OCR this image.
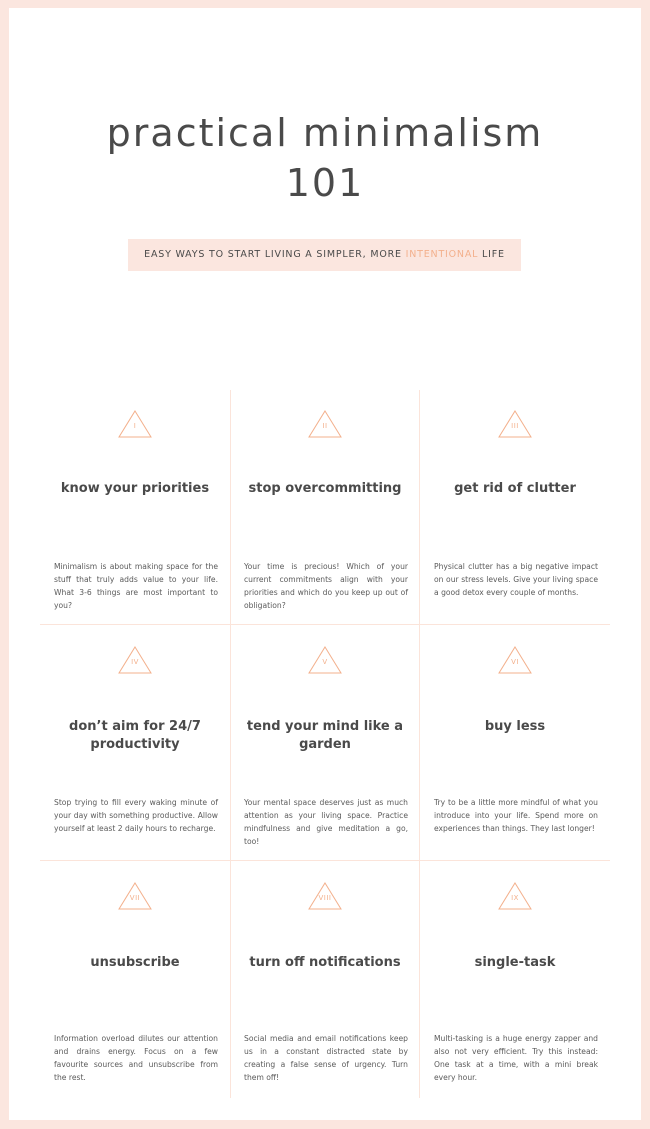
practical minimalism
101
EASY WAYS TO START LIVING A SIMPLER, MORE INTENTIONAL LIFE
I
know your priorities
Minimalism is about making space for the stuff that truly adds value to your life. What 3-6 things are most important to you?
II
stop overcommitting
Your time is precious! Which of your current commitments align with your priorities and which do you keep up out of obligation?
III
get rid of clutter
Physical clutter has a big negative impact on our stress levels. Give your living space a good detox every couple of months.
IV
don’t aim for 24/7 productivity
Stop trying to fill every waking minute of your day with something productive. Allow yourself at least 2 daily hours to recharge.
V
tend your mind like a garden
Your mental space deserves just as much attention as your living space. Practice mindfulness and give meditation a go, too!
VI
buy less
Try to be a little more mindful of what you introduce into your life. Spend more on experiences than things. They last longer!
VII
unsubscribe
Information overload dilutes our attention and drains energy. Focus on a few favourite sources and unsubscribe from the rest.
VIII
turn off notifications
Social media and email notifications keep us in a constant distracted state by creating a false sense of urgency. Turn them off!
IX
single-task
Multi-tasking is a huge energy zapper and also not very efficient. Try this instead: One task at a time, with a mini break every hour.
